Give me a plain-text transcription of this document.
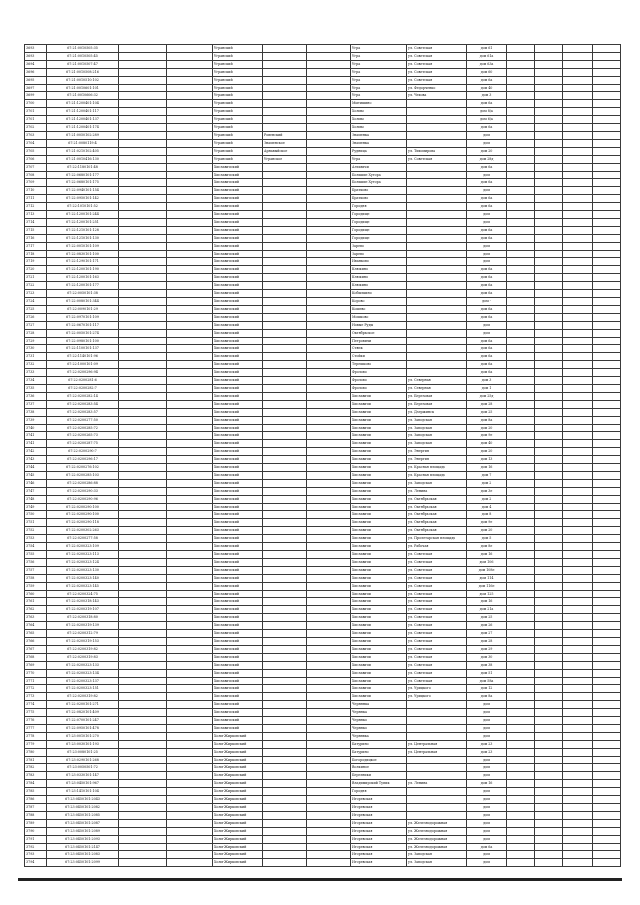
3693	67:21:0010505:35			Угранский			Угра	ул. Советская	дом 61				
3693	67:21:0010505:45			Угранский			Угра	ул. Советская	дом 61а				
3694	67:21:0010507:47			Угранский			Угра	ул. Советская	дом 63а				
3696	67:21:0010508:216			Угранский			Угра	ул. Советская	дом 60				
3695	67:21:0010510:102			Угранский			Угра	ул. Советская	дом 6а				
3697	67:21:0010601:101			Угранский			Угра	ул. Федорченко	дом 40				
3699	67:21:0010606:32			Угранский			Угра	ул. Чехова	дом 3				
3700	67:21:1200401:104			Угранский			Мытишино		дом 6а				
3701	67:21:1200401:117			Угранский			Холмы		дом 8/а				
3701	67:21:1200401:137			Угранский			Холмы		дом 6/а				
3702	67:21:1200401:174			Угранский			Холмы		дом 6а				
3703	67:21:0050102:289			Угранский	Ровенский		Знаменка		дом				
3704	67:21:0080119:4			Угранский	Знаменское		Знаменка		дом				
3705	67:21:0210102:405			Угранский	Арнавыйское		Рудница	ул. Тихомирова	дом 20				
3706	67:21:0010416:130			Угранский	Угранское		Угра	ул. Советская	дом 28д				
3707	67:22:1180101:48			Хиславичский			Алтавичи		дом 6а				
3708	67:22:0680101:177			Хиславичский			Большие Хутора		дом				
3709	67:22:0680101:175			Хиславичский			Большие Хутора		дом 6а				
3710	67:22:0940101:154			Хиславичский			Братково		дом				
3711	67:22:0950101:142			Хиславичский			Братково		дом 6а				
3712	67:22:1010101:52			Хиславичский			Городня		дом 6а				
3713	67:22:1200101:244			Хиславичский			Городище		дом				
3714	67:22:1200101:251			Хиславичский			Городище		дом				
3715	67:22:1210101:128			Хиславичский			Городище		дом 6а				
3716	67:22:1210101:130			Хиславичский			Городище		дом 6а				
3717	67:22:0010101:109			Хиславичский			Зарево		дом				
3718	67:22:0830101:100			Хиславичский			Зарево		дом				
3719	67:22:1290101:171			Хиславичский			Иванково		дом				
3720	67:22:1200101:190			Хиславичский			Клюкино		дом 6а				
3721	67:22:1200101:163			Хиславичский			Клюкино		дом 6а				
3722	67:22:1200101:177			Хиславичский			Клюкино		дом 6а				
3723	67:22:0050101:38			Хиславичский			Кобылкино		дом 6а				
3724	67:22:0080101:344			Хиславичский			Корово		дом -				
3725	67:22:0090101:29			Хиславичский			Кошево		дом 6а				
3726	67:22:0970101:109			Хиславичский			Мошково		дом 6а				
3727	67:22:0670101:117			Хиславичский			Новые Руды		дом				
3728	67:22:0050101:274			Хиславичский			Октябрьское		дом				
3729	67:22:0980101:100			Хиславичский			Петровичи		дом 6а				
3730	67:22:1100101:137			Хиславичский			Стяпк		дом 6а				
3731	67:22:1140101:96			Хиславичский			Стойки		дом 6а				
3732	67:22:1000101:09			Хиславичский			Терешково		дом 6а				
3733	67:22:0200296:94			Хиславичский			Фролово		дом 6а				
3734	67:22:0200281:6			Хиславичский			Фролово	ул. Северная	дом 3				
3735	67:22:0200282:7			Хиславичский			Фролово	ул. Северная	дом 1				
3736	67:22:0200282:14			Хиславичский			Хиславичи	ул. Березовая	дом 25д				
3737	67:22:0200283:54			Хиславичский			Хиславичи	ул. Березовая	дом 28				
3738	67:22:0200283:57			Хиславичский			Хиславичи	ул. Дзержинск	дом 25				
3739	67:22:0200277:50			Хиславичский			Хиславичи	ул. Заводская	дом 8а				
3740	67:22:0200285:72			Хиславичский			Хиславичи	ул. Заводская	дом 20				
3741	67:22:0200265:73			Хиславичский			Хиславичи	ул. Заводская	дом 9е				
3741	67:22:0200287:75			Хиславичский			Хиславичи	ул. Заводская	дом 40				
3742	67:22:0200290:7			Хиславичский			Хиславичи	ул. Энергия	дом 20				
3743	67:22:0200296:17			Хиславичский			Хиславичи	ул. Энергия	дом 13				
3744	67:22:0200276:102			Хиславичский			Хиславичи	ул. Красная площадь	дом 16				
3745	67:22:0200285:103			Хиславичский			Хиславичи	ул. Красная площадь	дом 7				
3746	67:22:0200286:88			Хиславичский			Хиславичи	ул. Заводская	дом 2				
3747	67:22:0200290:33			Хиславичский			Хиславичи	ул. Ленина	дом 3е				
3748	67:22:0200290:96			Хиславичский			Хиславичи	ул. Октябрьская	дом 2				
3749	67:22:0200290:100			Хиславичский			Хиславичи	ул. Октябрьская	дом 4				
3750	67:22:0200290:100			Хиславичский			Хиславичи	ул. Октябрьская	дом 8				
3751	67:22:0200290:118			Хиславичский			Хиславичи	ул. Октябрьская	дом 9е				
3752	67:22:0200302:263			Хиславичский			Хиславичи	ул. Октябрьская	дом 20				
3753	67:22:0200277:58			Хиславичский			Хиславичи	ул. Пролетарская площадь	дом 5				
3754	67:22:0200323:109			Хиславичский			Хиславичи	ул. Рабочая	дом 8е				
3755	67:22:0200323:113			Хиславичский			Хиславичи	ул. Советская	дом 16				
3756	67:22:0200323:124			Хиславичский			Хиславичи	ул. Советская	дом 106				
3757	67:22:0200323:130			Хиславичский			Хиславичи	ул. Советская	дом 108е				
3758	67:22:0200323:140			Хиславичский			Хиславичи	ул. Советская	дом 114				
3759	67:22:0200323:145			Хиславичский			Хиславичи	ул. Советская	дом 116е				
3760	67:22:0200324:75			Хиславичский			Хиславичи	ул. Советская	дом 125				
3761	67:22:0200318:143			Хиславичский			Хиславичи	ул. Советская	дом 16				
3762	67:22:0200319:107			Хиславичский			Хиславичи	ул. Советская	дом 21а				
3763	67:22:0200318:80			Хиславичский			Хиславичи	ул. Советская	дом 25				
3764	67:22:0200319:139			Хиславичский			Хиславичи	ул. Советская	дом 26				
3765	67:22:0200312:79			Хиславичский			Хиславичи	ул. Советская	дом 27				
3766	67:22:0200319:153			Хиславичский			Хиславичи	ул. Советская	дом 28				
3767	67:22:0200319:82			Хиславичский			Хиславичи	ул. Советская	дом 29				
3768	67:22:0200319:83			Хиславичский			Хиславичи	ул. Советская	дом 30				
3769	67:22:0200323:133			Хиславичский			Хиславичи	ул. Советская	дом 38				
3770	67:22:0200323:134			Хиславичский			Хиславичи	ул. Советская	дом 51				
3771	67:22:0200323:137			Хиславичский			Хиславичи	ул. Советская	дом 58а				
3772	67:22:0200323:151			Хиславичский			Хиславичи	ул. Урицкого	дом 12				
3773	67:22:0200319:82			Хиславичский			Хиславичи	ул. Урицкого	дом 8а				
3774	67:22:0200101:271			Хиславичский			Чернянка		дом				
3775	67:22:0820101:409			Хиславичский			Черняка		дом				
3776	67:22:0700101:247			Хиславичский			Черняко		дом				
3777	67:22:0950101:478			Хиславичский			Черняко		дом				
3778	67:23:0010101:270			Холм-Жирковский			Чернявка		дом				
3779	67:23:0030101:193			Холм-Жирковский			Батурино	ул. Центральная	дом 23				
3780	67:23:0080101:25			Холм-Жирковский			Батурино	ул. Центральная	дом 23				
3781	67:23:0290101:268			Холм-Жирковский			Богородицкое		дом				
3782	67:23:0050501:72			Холм-Жирковский			Волкиное		дом				
3783	67:23:0330101:147			Холм-Жирковский			Березники		дом				
3784	67:23:0450101:967			Холм-Жирковский			Владимирский Тупик	ул. Ленина	дом 16				
3785	67:23:1410101:104			Холм-Жирковский			Городня		дом				
3786	67:23:0450101:2043			Холм-Жирковский			Игоревская		дом				
3787	67:23:0450101:2082			Холм-Жирковский			Игоревская		дом				
3788	67:23:0450101:2085			Холм-Жирковский			Игоревская		дом				
3789	67:23:0450101:2087			Холм-Жирковский			Игоревская	ул. Железнодорожная	дом				
3790	67:23:0450101:2089			Холм-Жирковский			Игоревская	ул. Железнодорожная	дом				
3791	67:23:0450101:2093			Холм-Жирковский			Игоревская	ул. Железнодорожная	дом				
3792	67:23:0450101:2147			Холм-Жирковский			Игоревская	ул. Железнодорожная	дом 6а				
3793	67:23:0450101:2083			Холм-Жирковский			Игоревская	ул. Заводская	дом				
3794	67:23:0450101:2099			Холм-Жирковский			Игоревская	ул. Заводская	дом				
